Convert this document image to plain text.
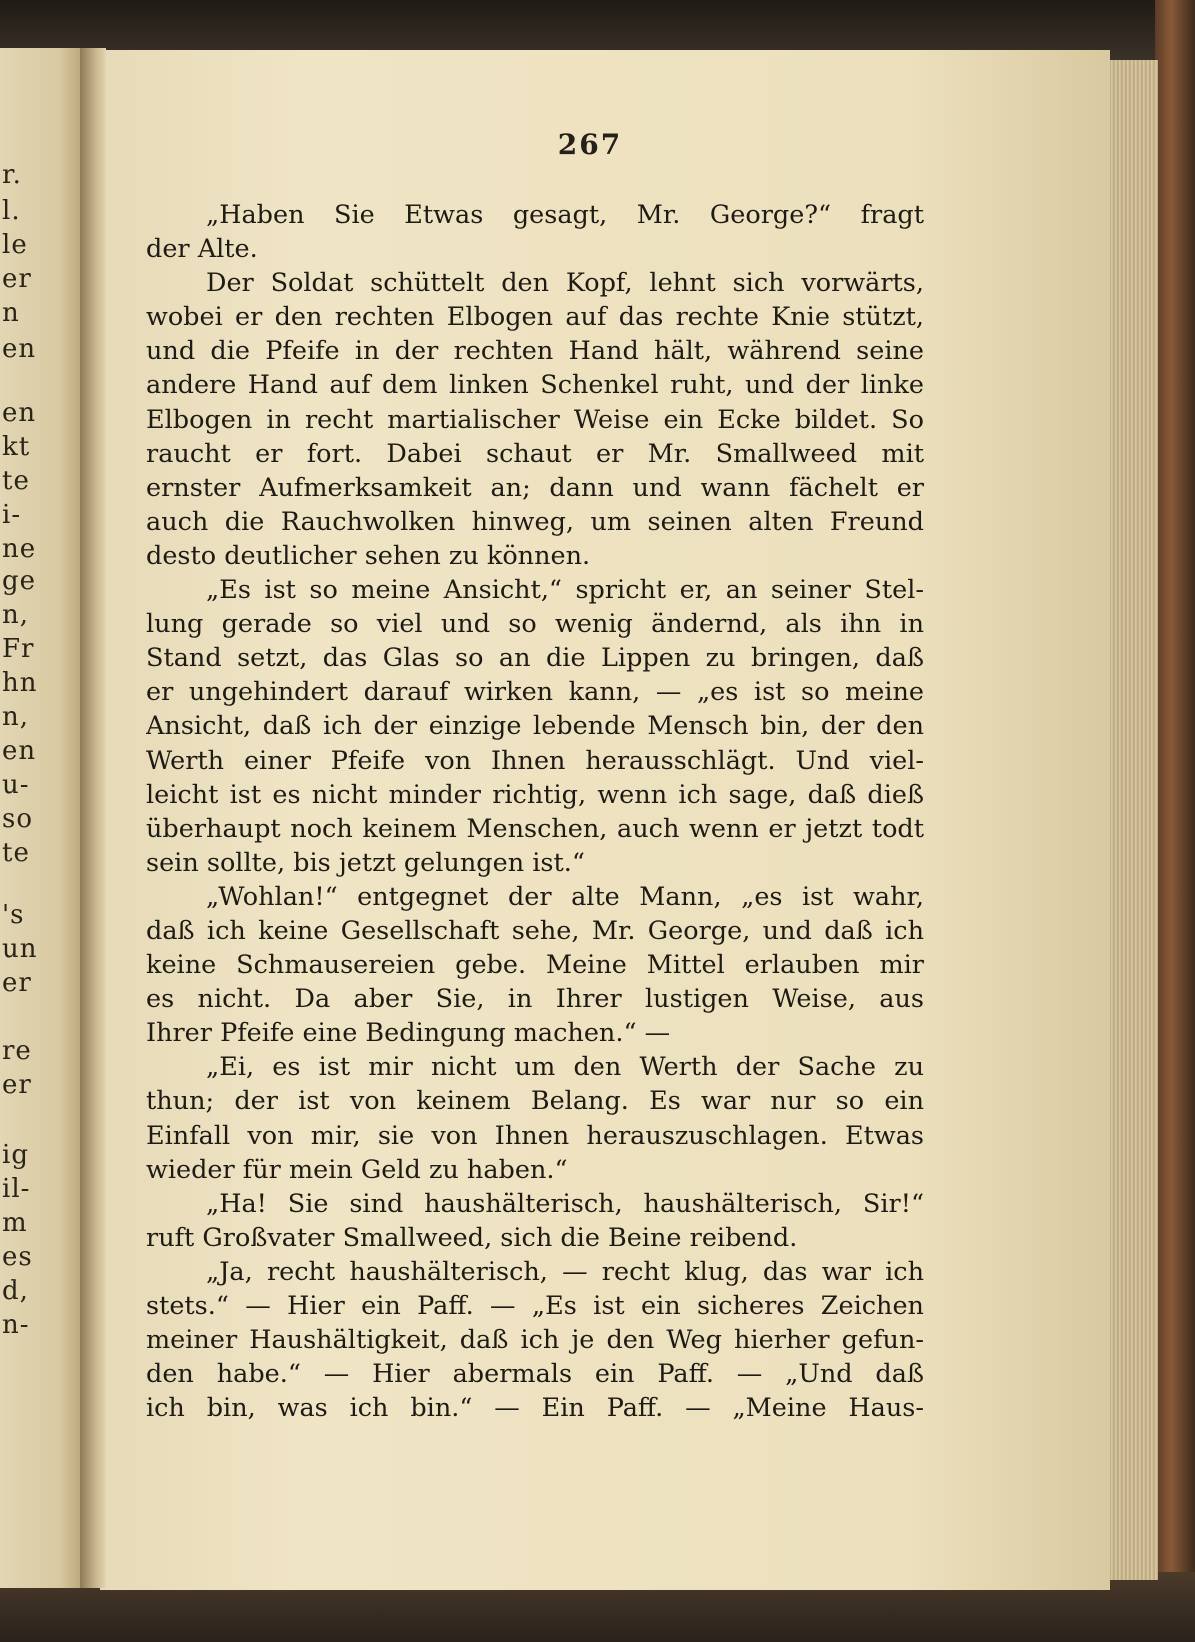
r.
l.
le
er
n
en
en
kt
te
i-
ne
ge
n,
Fr
hn
n,
en
u-
so
te
's
un
er
re
er
ig
il-
m
es
d,
n-
267
„Haben Sie Etwas gesagt, Mr. George?“ fragt
der Alte.
Der Soldat schüttelt den Kopf, lehnt sich vorwärts,
wobei er den rechten Elbogen auf das rechte Knie stützt,
und die Pfeife in der rechten Hand hält, während seine
andere Hand auf dem linken Schenkel ruht, und der linke
Elbogen in recht martialischer Weise ein Ecke bildet. So
raucht er fort. Dabei schaut er Mr. Smallweed mit
ernster Aufmerksamkeit an; dann und wann fächelt er
auch die Rauchwolken hinweg, um seinen alten Freund
desto deutlicher sehen zu können.
„Es ist so meine Ansicht,“ spricht er, an seiner Stel-
lung gerade so viel und so wenig ändernd, als ihn in
Stand setzt, das Glas so an die Lippen zu bringen, daß
er ungehindert darauf wirken kann, — „es ist so meine
Ansicht, daß ich der einzige lebende Mensch bin, der den
Werth einer Pfeife von Ihnen herausschlägt. Und viel-
leicht ist es nicht minder richtig, wenn ich sage, daß dieß
überhaupt noch keinem Menschen, auch wenn er jetzt todt
sein sollte, bis jetzt gelungen ist.“
„Wohlan!“ entgegnet der alte Mann, „es ist wahr,
daß ich keine Gesellschaft sehe, Mr. George, und daß ich
keine Schmausereien gebe. Meine Mittel erlauben mir
es nicht. Da aber Sie, in Ihrer lustigen Weise, aus
Ihrer Pfeife eine Bedingung machen.“ —
„Ei, es ist mir nicht um den Werth der Sache zu
thun; der ist von keinem Belang. Es war nur so ein
Einfall von mir, sie von Ihnen herauszuschlagen. Etwas
wieder für mein Geld zu haben.“
„Ha! Sie sind haushälterisch, haushälterisch, Sir!“
ruft Großvater Smallweed, sich die Beine reibend.
„Ja, recht haushälterisch, — recht klug, das war ich
stets.“ — Hier ein Paff. — „Es ist ein sicheres Zeichen
meiner Haushältigkeit, daß ich je den Weg hierher gefun-
den habe.“ — Hier abermals ein Paff. — „Und daß
ich bin, was ich bin.“ — Ein Paff. — „Meine Haus-
